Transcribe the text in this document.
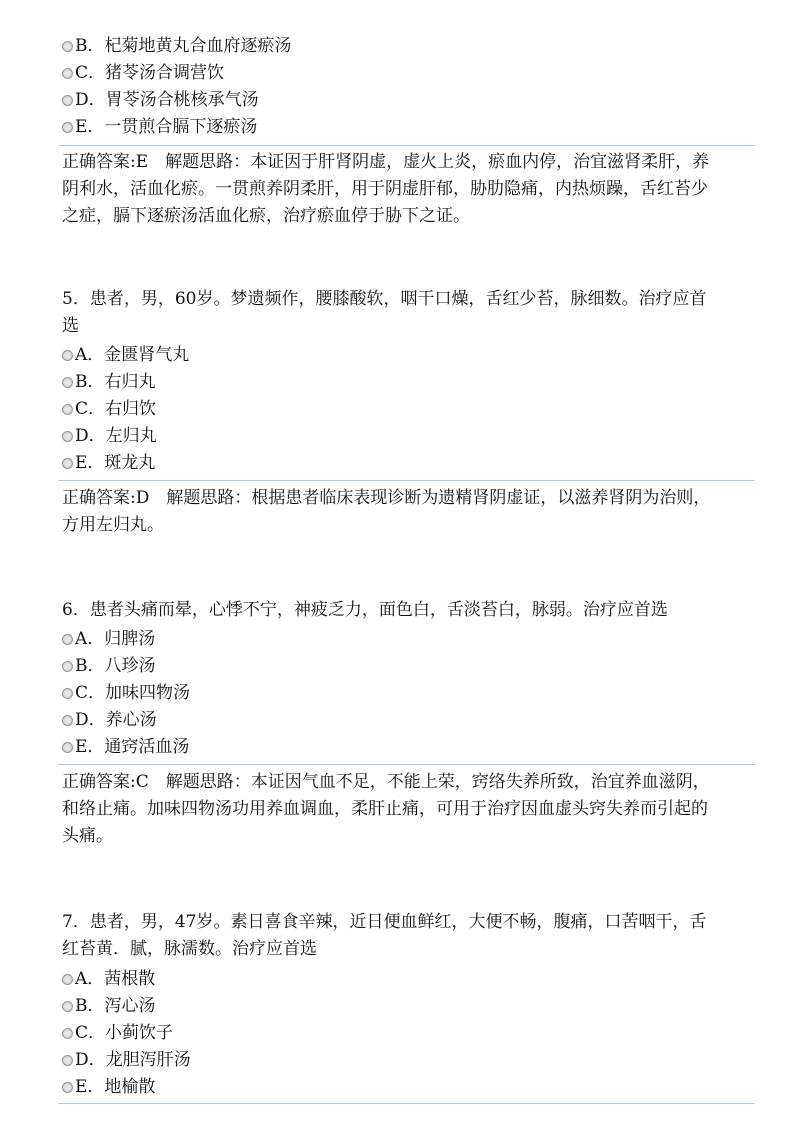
B．杞菊地黄丸合血府逐瘀汤
C．猪苓汤合调营饮
D．胃苓汤合桃核承气汤
E．一贯煎合膈下逐瘀汤
正确答案:E　解题思路：本证因于肝肾阴虚，虚火上炎，瘀血内停，治宜滋肾柔肝，养
阴利水，活血化瘀。一贯煎养阴柔肝，用于阴虚肝郁，胁肋隐痛，内热烦躁，舌红苔少
之症，膈下逐瘀汤活血化瘀，治疗瘀血停于胁下之证。
5．患者，男，60岁。梦遗频作，腰膝酸软，咽干口燥，舌红少苔，脉细数。治疗应首
选
A．金匮肾气丸
B．右归丸
C．右归饮
D．左归丸
E．斑龙丸
正确答案:D　解题思路：根据患者临床表现诊断为遗精肾阴虚证，以滋养肾阴为治则，
方用左归丸。
6．患者头痛而晕，心悸不宁，神疲乏力，面色白，舌淡苔白，脉弱。治疗应首选
A．归脾汤
B．八珍汤
C．加味四物汤
D．养心汤
E．通窍活血汤
正确答案:C　解题思路：本证因气血不足，不能上荣，窍络失养所致，治宜养血滋阴，
和络止痛。加味四物汤功用养血调血，柔肝止痛，可用于治疗因血虚头窍失养而引起的
头痛。
7．患者，男，47岁。素日喜食辛辣，近日便血鲜红，大便不畅，腹痛，口苦咽干，舌
红苔黄．腻，脉濡数。治疗应首选
A．茜根散
B．泻心汤
C．小蓟饮子
D．龙胆泻肝汤
E．地榆散
